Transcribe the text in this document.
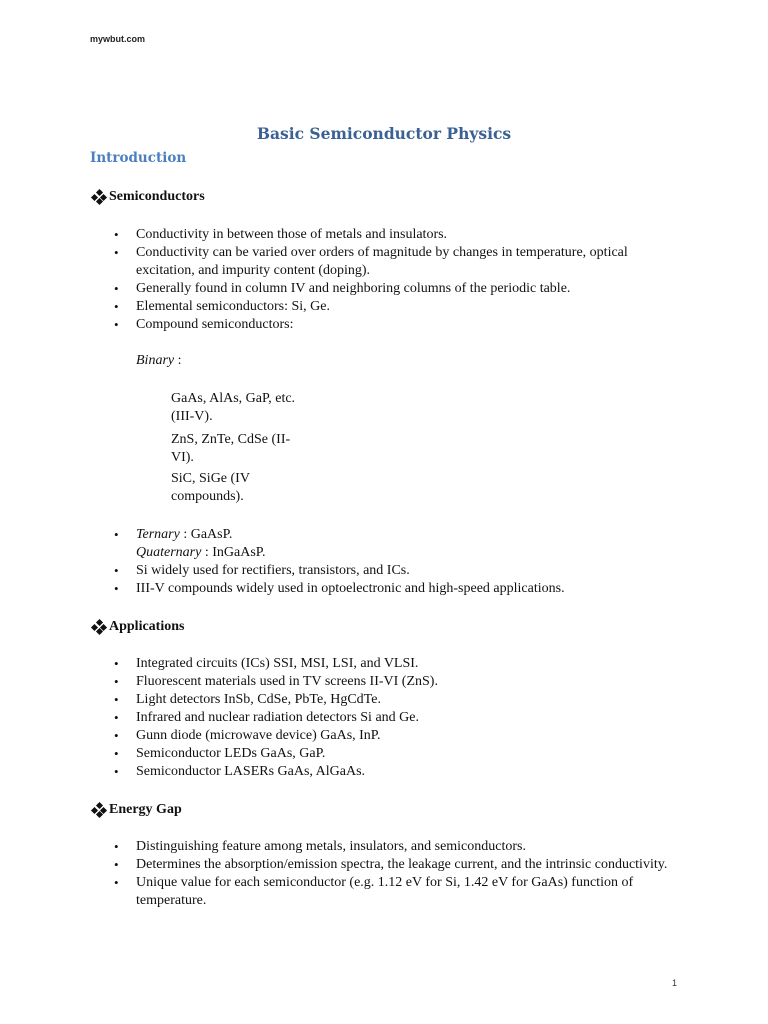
mywbut.com
Basic Semiconductor Physics
Introduction
Semiconductors
• Conductivity in between those of metals and insulators.
• Conductivity can be varied over orders of magnitude by changes in temperature, optical excitation, and impurity content (doping).
• Generally found in column IV and neighboring columns of the periodic table.
• Elemental semiconductors: Si, Ge.
• Compound semiconductors:
Binary :
GaAs, AlAs, GaP, etc. (III-V).
ZnS, ZnTe, CdSe (II-VI).
SiC, SiGe (IV compounds).
• Ternary : GaAsP.
Quaternary : InGaAsP.
• Si widely used for rectifiers, transistors, and ICs.
• III-V compounds widely used in optoelectronic and high-speed applications.
Applications
• Integrated circuits (ICs) SSI, MSI, LSI, and VLSI.
• Fluorescent materials used in TV screens II-VI (ZnS).
• Light detectors InSb, CdSe, PbTe, HgCdTe.
• Infrared and nuclear radiation detectors Si and Ge.
• Gunn diode (microwave device) GaAs, InP.
• Semiconductor LEDs GaAs, GaP.
• Semiconductor LASERs GaAs, AlGaAs.
Energy Gap
• Distinguishing feature among metals, insulators, and semiconductors.
• Determines the absorption/emission spectra, the leakage current, and the intrinsic conductivity.
• Unique value for each semiconductor (e.g. 1.12 eV for Si, 1.42 eV for GaAs) function of temperature.
1
